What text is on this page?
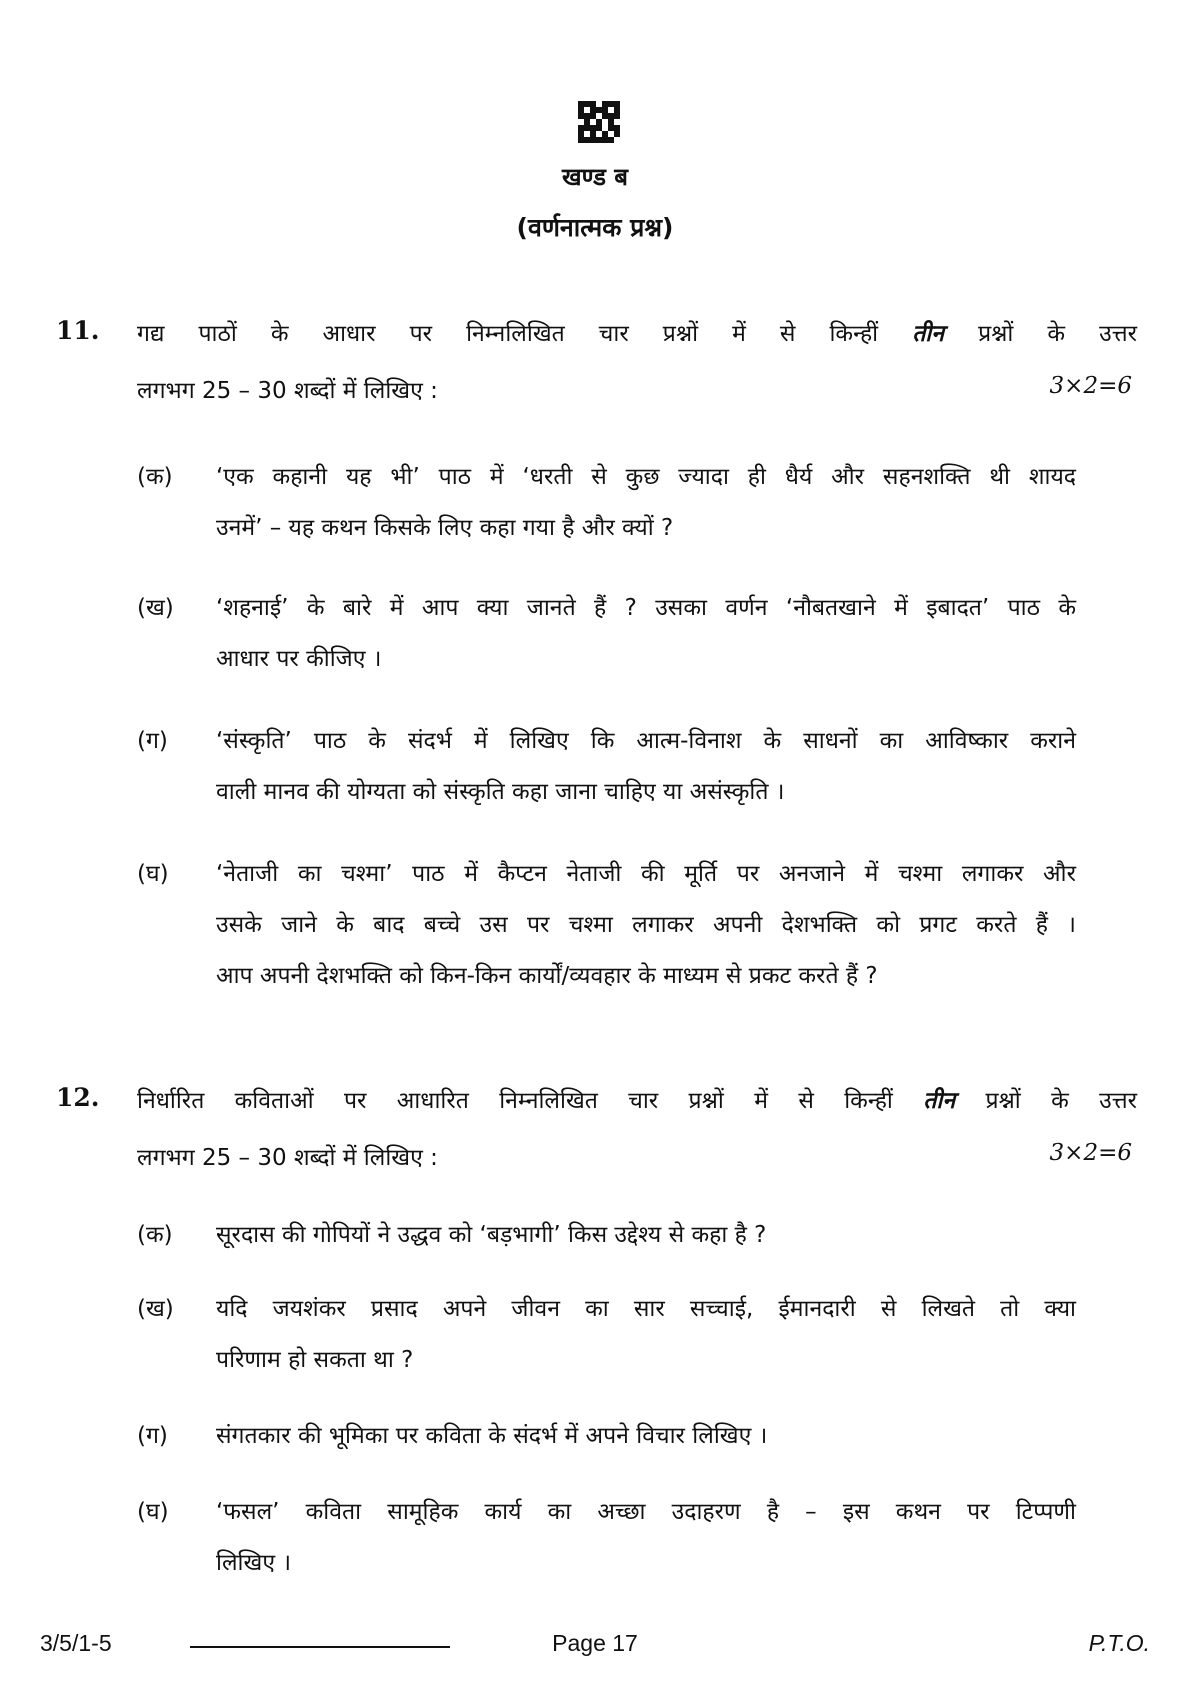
खण्ड ब
(वर्णनात्मक प्रश्न)
11. गद्य पाठों के आधार पर निम्नलिखित चार प्रश्नों में से किन्हीं तीन प्रश्नों के उत्तर
लगभग 25 – 30 शब्दों में लिखिए :	3×2=6
(क) ‘एक कहानी यह भी’ पाठ में ‘धरती से कुछ ज्यादा ही धैर्य और सहनशक्ति थी शायद
उनमें’ – यह कथन किसके लिए कहा गया है और क्यों ?
(ख) ‘शहनाई’ के बारे में आप क्या जानते हैं ? उसका वर्णन ‘नौबतखाने में इबादत’ पाठ के
आधार पर कीजिए ।
(ग) ‘संस्कृति’ पाठ के संदर्भ में लिखिए कि आत्म-विनाश के साधनों का आविष्कार कराने
वाली मानव की योग्यता को संस्कृति कहा जाना चाहिए या असंस्कृति ।
(घ) ‘नेताजी का चश्मा’ पाठ में कैप्टन नेताजी की मूर्ति पर अनजाने में चश्मा लगाकर और
उसके जाने के बाद बच्चे उस पर चश्मा लगाकर अपनी देशभक्ति को प्रगट करते हैं ।
आप अपनी देशभक्ति को किन-किन कार्यों/व्यवहार के माध्यम से प्रकट करते हैं ?
12. निर्धारित कविताओं पर आधारित निम्नलिखित चार प्रश्नों में से किन्हीं तीन प्रश्नों के उत्तर
लगभग 25 – 30 शब्दों में लिखिए :	3×2=6
(क) सूरदास की गोपियों ने उद्धव को ‘बड़भागी’ किस उद्देश्य से कहा है ?
(ख) यदि जयशंकर प्रसाद अपने जीवन का सार सच्चाई, ईमानदारी से लिखते तो क्या
परिणाम हो सकता था ?
(ग) संगतकार की भूमिका पर कविता के संदर्भ में अपने विचार लिखिए ।
(घ) ‘फसल’ कविता सामूहिक कार्य का अच्छा उदाहरण है – इस कथन पर टिप्पणी
लिखिए ।
3/5/1-5	Page 17	P.T.O.
